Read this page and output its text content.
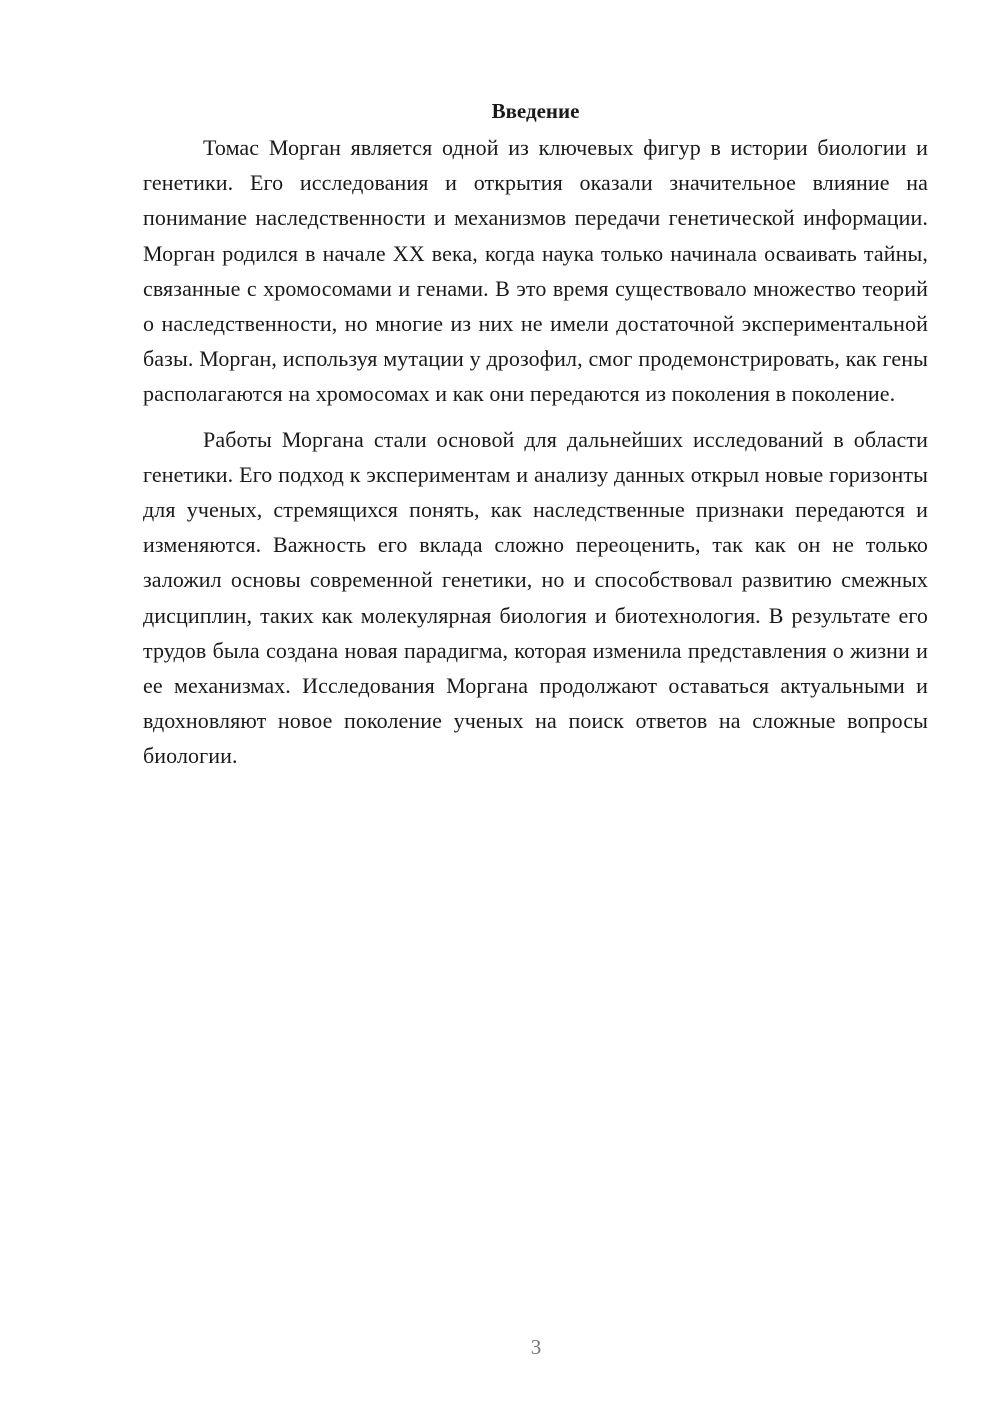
Введение

Томас Морган является одной из ключевых фигур в истории биологии и генетики. Его исследования и открытия оказали значительное влияние на понимание наследственности и механизмов передачи генетической информации. Морган родился в начале XX века, когда наука только начинала осваивать тайны, связанные с хромосомами и генами. В это время существовало множество теорий о наследственности, но многие из них не имели достаточной экспериментальной базы. Морган, используя мутации у дрозофил, смог продемонстрировать, как гены располагаются на хромосомах и как они передаются из поколения в поколение.

Работы Моргана стали основой для дальнейших исследований в области генетики. Его подход к экспериментам и анализу данных открыл новые горизонты для ученых, стремящихся понять, как наследственные признаки передаются и изменяются. Важность его вклада сложно переоценить, так как он не только заложил основы современной генетики, но и способствовал развитию смежных дисциплин, таких как молекулярная биология и биотехнология. В результате его трудов была создана новая парадигма, которая изменила представления о жизни и ее механизмах. Исследования Моргана продолжают оставаться актуальными и вдохновляют новое поколение ученых на поиск ответов на сложные вопросы биологии.

3
